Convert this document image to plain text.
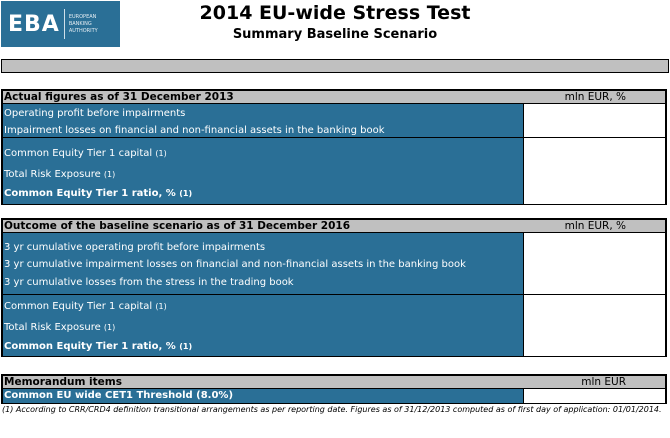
EBA EUROPEAN
BANKING
AUTHORITY
2014 EU-wide Stress Test
Summary Baseline Scenario
Actual figures as of 31 December 2013	mln EUR, %
Operating profit before impairments
Impairment losses on financial and non-financial assets in the banking book
Common Equity Tier 1 capital (1)
Total Risk Exposure (1)
Common Equity Tier 1 ratio, % (1)
Outcome of the baseline scenario as of 31 December 2016	mln EUR, %
3 yr cumulative operating profit before impairments
3 yr cumulative impairment losses on financial and non-financial assets in the banking book
3 yr cumulative losses from the stress in the trading book
Common Equity Tier 1 capital (1)
Total Risk Exposure (1)
Common Equity Tier 1 ratio, % (1)
Memorandum items	mln EUR
Common EU wide CET1 Threshold (8.0%)
(1) According to CRR/CRD4 definition transitional arrangements as per reporting date. Figures as of 31/12/2013 computed as of first day of application: 01/01/2014.
